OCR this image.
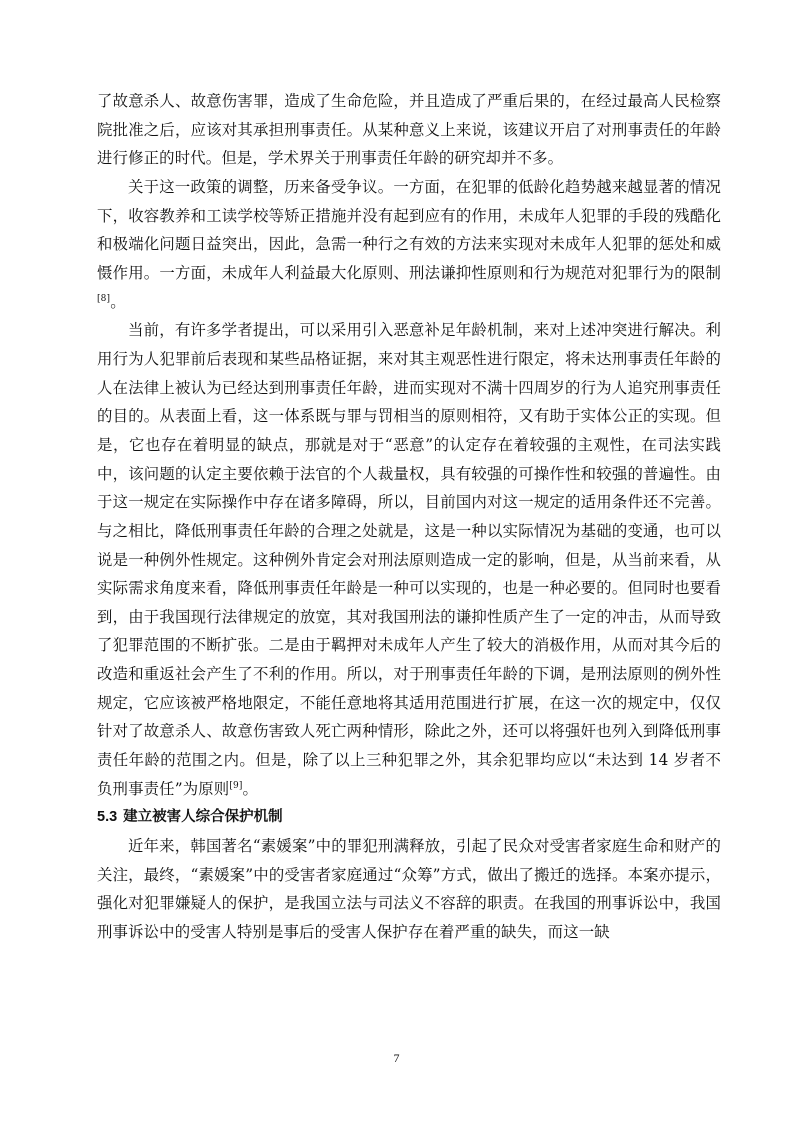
了故意杀人、故意伤害罪，造成了生命危险，并且造成了严重后果的，在经过最高人民检察院批准之后，应该对其承担刑事责任。从某种意义上来说，该建议开启了对刑事责任的年龄进行修正的时代。但是，学术界关于刑事责任年龄的研究却并不多。

关于这一政策的调整，历来备受争议。一方面，在犯罪的低龄化趋势越来越显著的情况下，收容教养和工读学校等矫正措施并没有起到应有的作用，未成年人犯罪的手段的残酷化和极端化问题日益突出，因此，急需一种行之有效的方法来实现对未成年人犯罪的惩处和威慑作用。一方面，未成年人利益最大化原则、刑法谦抑性原则和行为规范对犯罪行为的限制[8]。

当前，有许多学者提出，可以采用引入恶意补足年龄机制，来对上述冲突进行解决。利用行为人犯罪前后表现和某些品格证据，来对其主观恶性进行限定，将未达刑事责任年龄的人在法律上被认为已经达到刑事责任年龄，进而实现对不满十四周岁的行为人追究刑事责任的目的。从表面上看，这一体系既与罪与罚相当的原则相符，又有助于实体公正的实现。但是，它也存在着明显的缺点，那就是对于“恶意”的认定存在着较强的主观性，在司法实践中，该问题的认定主要依赖于法官的个人裁量权，具有较强的可操作性和较强的普遍性。由于这一规定在实际操作中存在诸多障碍，所以，目前国内对这一规定的适用条件还不完善。与之相比，降低刑事责任年龄的合理之处就是，这是一种以实际情况为基础的变通，也可以说是一种例外性规定。这种例外肯定会对刑法原则造成一定的影响，但是，从当前来看，从实际需求角度来看，降低刑事责任年龄是一种可以实现的，也是一种必要的。但同时也要看到，由于我国现行法律规定的放宽，其对我国刑法的谦抑性质产生了一定的冲击，从而导致了犯罪范围的不断扩张。二是由于羁押对未成年人产生了较大的消极作用，从而对其今后的改造和重返社会产生了不利的作用。所以，对于刑事责任年龄的下调，是刑法原则的例外性规定，它应该被严格地限定，不能任意地将其适用范围进行扩展，在这一次的规定中，仅仅针对了故意杀人、故意伤害致人死亡两种情形，除此之外，还可以将强奸也列入到降低刑事责任年龄的范围之内。但是，除了以上三种犯罪之外，其余犯罪均应以“未达到 14 岁者不负刑事责任”为原则[9]。

5.3 建立被害人综合保护机制

近年来，韩国著名“素媛案”中的罪犯刑满释放，引起了民众对受害者家庭生命和财产的关注，最终，“素媛案”中的受害者家庭通过“众筹”方式，做出了搬迁的选择。本案亦提示，强化对犯罪嫌疑人的保护，是我国立法与司法义不容辞的职责。在我国的刑事诉讼中，我国刑事诉讼中的受害人特别是事后的受害人保护存在着严重的缺失，而这一缺

7
